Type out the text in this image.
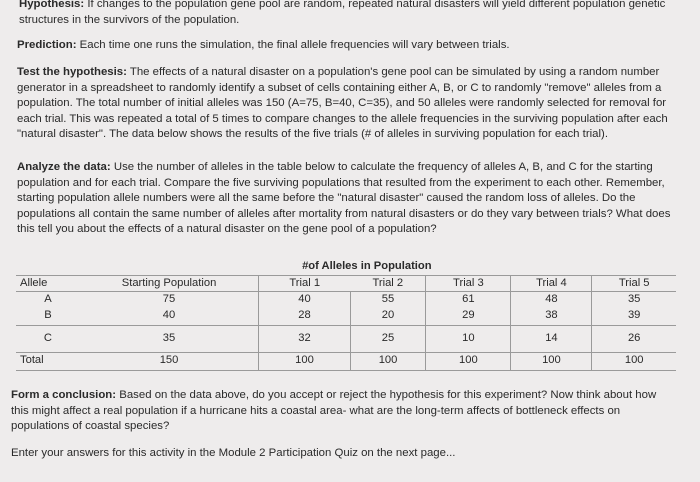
Hypothesis: If changes to the population gene pool are random, repeated natural disasters will yield different population genetic structures in the survivors of the population.

Prediction: Each time one runs the simulation, the final allele frequencies will vary between trials.

Test the hypothesis: The effects of a natural disaster on a population's gene pool can be simulated by using a random number generator in a spreadsheet to randomly identify a subset of cells containing either A, B, or C to randomly "remove" alleles from a population. The total number of initial alleles was 150 (A=75, B=40, C=35), and 50 alleles were randomly selected for removal for each trial. This was repeated a total of 5 times to compare changes to the allele frequencies in the surviving population after each "natural disaster". The data below shows the results of the five trials (# of alleles in surviving population for each trial).

Analyze the data: Use the number of alleles in the table below to calculate the frequency of alleles A, B, and C for the starting population and for each trial. Compare the five surviving populations that resulted from the experiment to each other. Remember, starting population allele numbers were all the same before the "natural disaster" caused the random loss of alleles. Do the populations all contain the same number of alleles after mortality from natural disasters or do they vary between trials? What does this tell you about the effects of a natural disaster on the gene pool of a population?

		#of Alleles in Population				
Allele	Starting Population	Trial 1	Trial 2	Trial 3	Trial 4	Trial 5
A	75	40	55	61	48	35
B	40	28	20	29	38	39
C	35	32	25	10	14	26
Total	150	100	100	100	100	100

Form a conclusion: Based on the data above, do you accept or reject the hypothesis for this experiment? Now think about how this might affect a real population if a hurricane hits a coastal area- what are the long-term affects of bottleneck effects on populations of coastal species?

Enter your answers for this activity in the Module 2 Participation Quiz on the next page...
